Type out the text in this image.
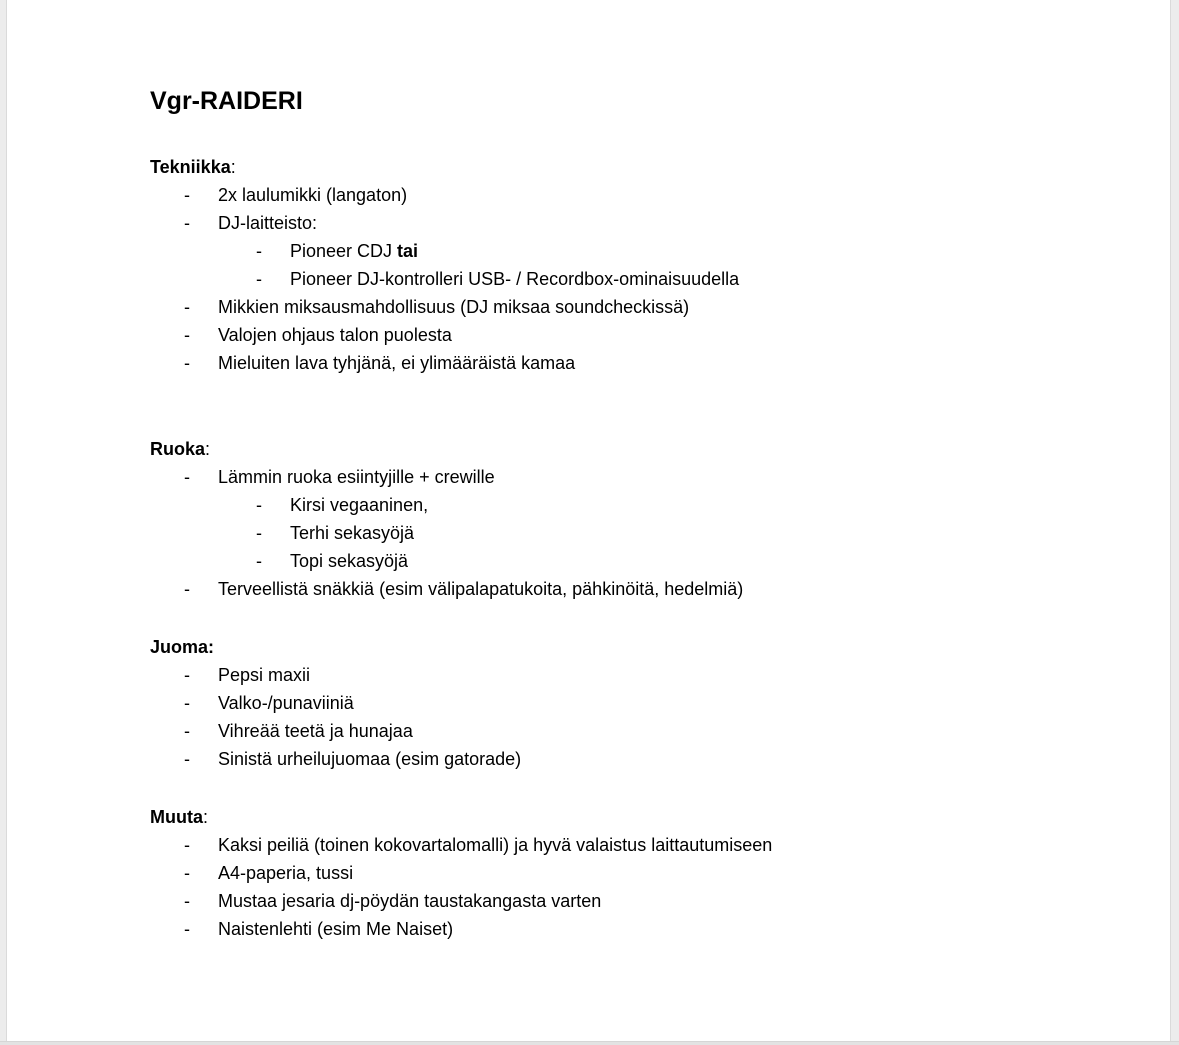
Vgr-RAIDERI
Tekniikka:
-	2x laulumikki (langaton)
-	DJ-laitteisto:
-	Pioneer CDJ tai
-	Pioneer DJ-kontrolleri USB- / Recordbox-ominaisuudella
-	Mikkien miksausmahdollisuus (DJ miksaa soundcheckissä)
-	Valojen ohjaus talon puolesta
-	Mieluiten lava tyhjänä, ei ylimääräistä kamaa
Ruoka:
-	Lämmin ruoka esiintyjille + crewille
-	Kirsi vegaaninen,
-	Terhi sekasyöjä
-	Topi sekasyöjä
-	Terveellistä snäkkiä (esim välipalapatukoita, pähkinöitä, hedelmiä)
Juoma:
-	Pepsi maxii
-	Valko-/punaviiniä
-	Vihreää teetä ja hunajaa
-	Sinistä urheilujuomaa (esim gatorade)
Muuta:
-	Kaksi peiliä (toinen kokovartalomalli) ja hyvä valaistus laittautumiseen
-	A4-paperia, tussi
-	Mustaa jesaria dj-pöydän taustakangasta varten
-	Naistenlehti (esim Me Naiset)
